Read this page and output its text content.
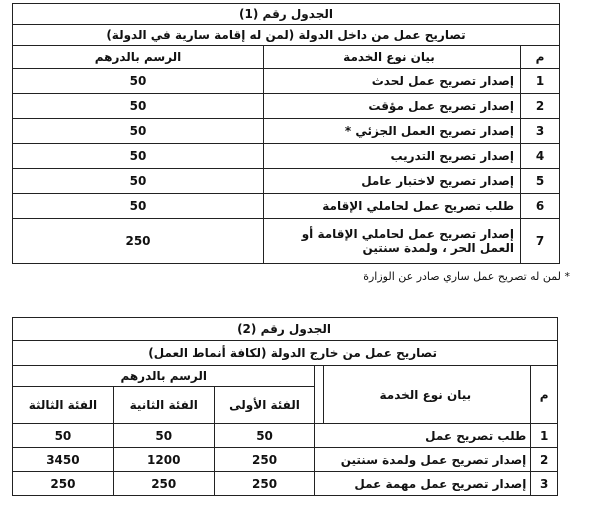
الجدول رقم (1)		
تصاريح عمل من داخل الدولة (لمن له إقامة سارية في الدولة)		
م	بيان نوع الخدمة	الرسم بالدرهم
1	إصدار تصريح عمل لحدث	50
2	إصدار تصريح عمل مؤقت	50
3	إصدار تصريح العمل الجزئي *	50
4	إصدار تصريح التدريب	50
5	إصدار تصريح لاختبار عامل	50
6	طلب تصريح عمل لحاملي الإقامة	50
7	إصدار تصريح عمل لحاملي الإقامة أو العمل الحر ، ولمدة سنتين	250
* لمن له تصريح عمل ساري صادر عن الوزارة
الجدول رقم (2)					
تصاريح عمل من خارج الدولة (لكافة أنماط العمل)					
م	بيان نوع الخدمة		الرسم بالدرهم		
			الفئة الأولى	الفئة الثانية	الفئة الثالثة
1	طلب تصريح عمل		50	50	50
2	إصدار تصريح عمل ولمدة سنتين		250	1200	3450
3	إصدار تصريح عمل مهمة عمل		250	250	250
